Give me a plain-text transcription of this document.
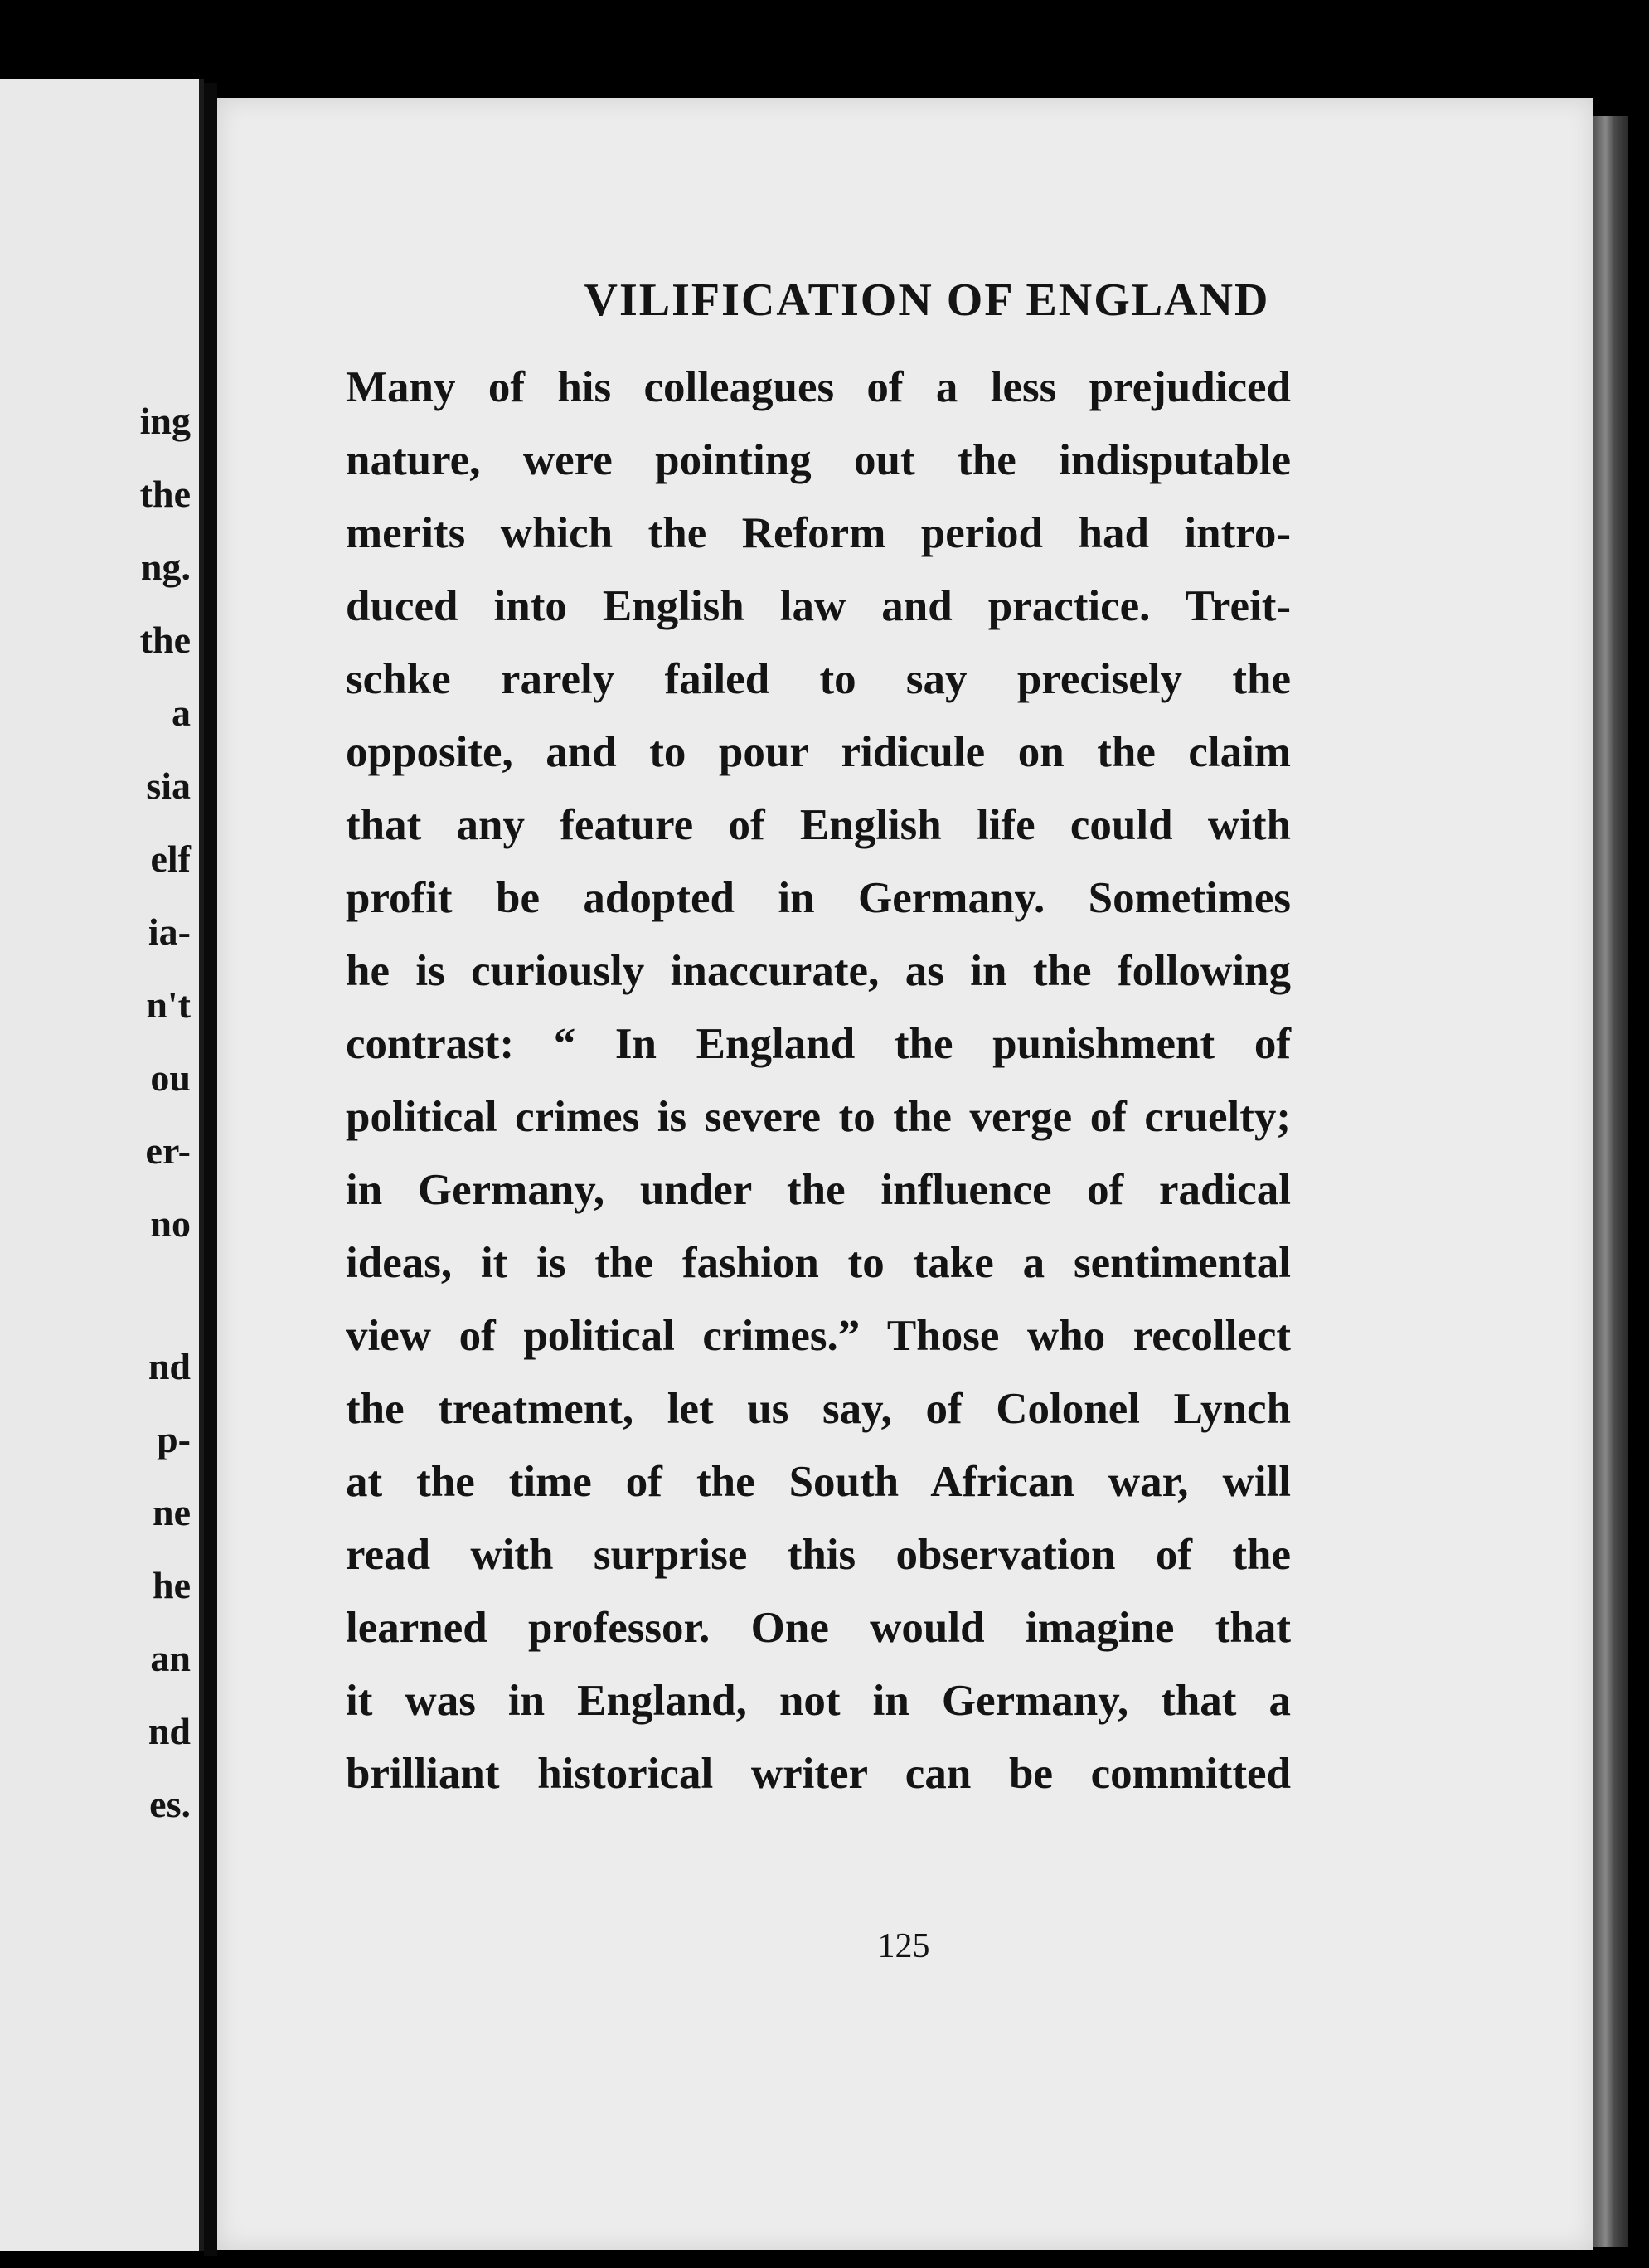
ing
the
ng.
the
a
sia
elf
ia-
n't
ou
er-
no
nd
p-
ne
he
an
nd
es.
VILIFICATION OF ENGLAND
Many of his colleagues of a less prejudiced
nature, were pointing out the indisputable
merits which the Reform period had intro-
duced into English law and practice. Treit-
schke rarely failed to say precisely the
opposite, and to pour ridicule on the claim
that any feature of English life could with
profit be adopted in Germany. Sometimes
he is curiously inaccurate, as in the following
contrast: “ In England the punishment of
political crimes is severe to the verge of cruelty;
in Germany, under the influence of radical
ideas, it is the fashion to take a sentimental
view of political crimes.” Those who recollect
the treatment, let us say, of Colonel Lynch
at the time of the South African war, will
read with surprise this observation of the
learned professor. One would imagine that
it was in England, not in Germany, that a
brilliant historical writer can be committed
125
